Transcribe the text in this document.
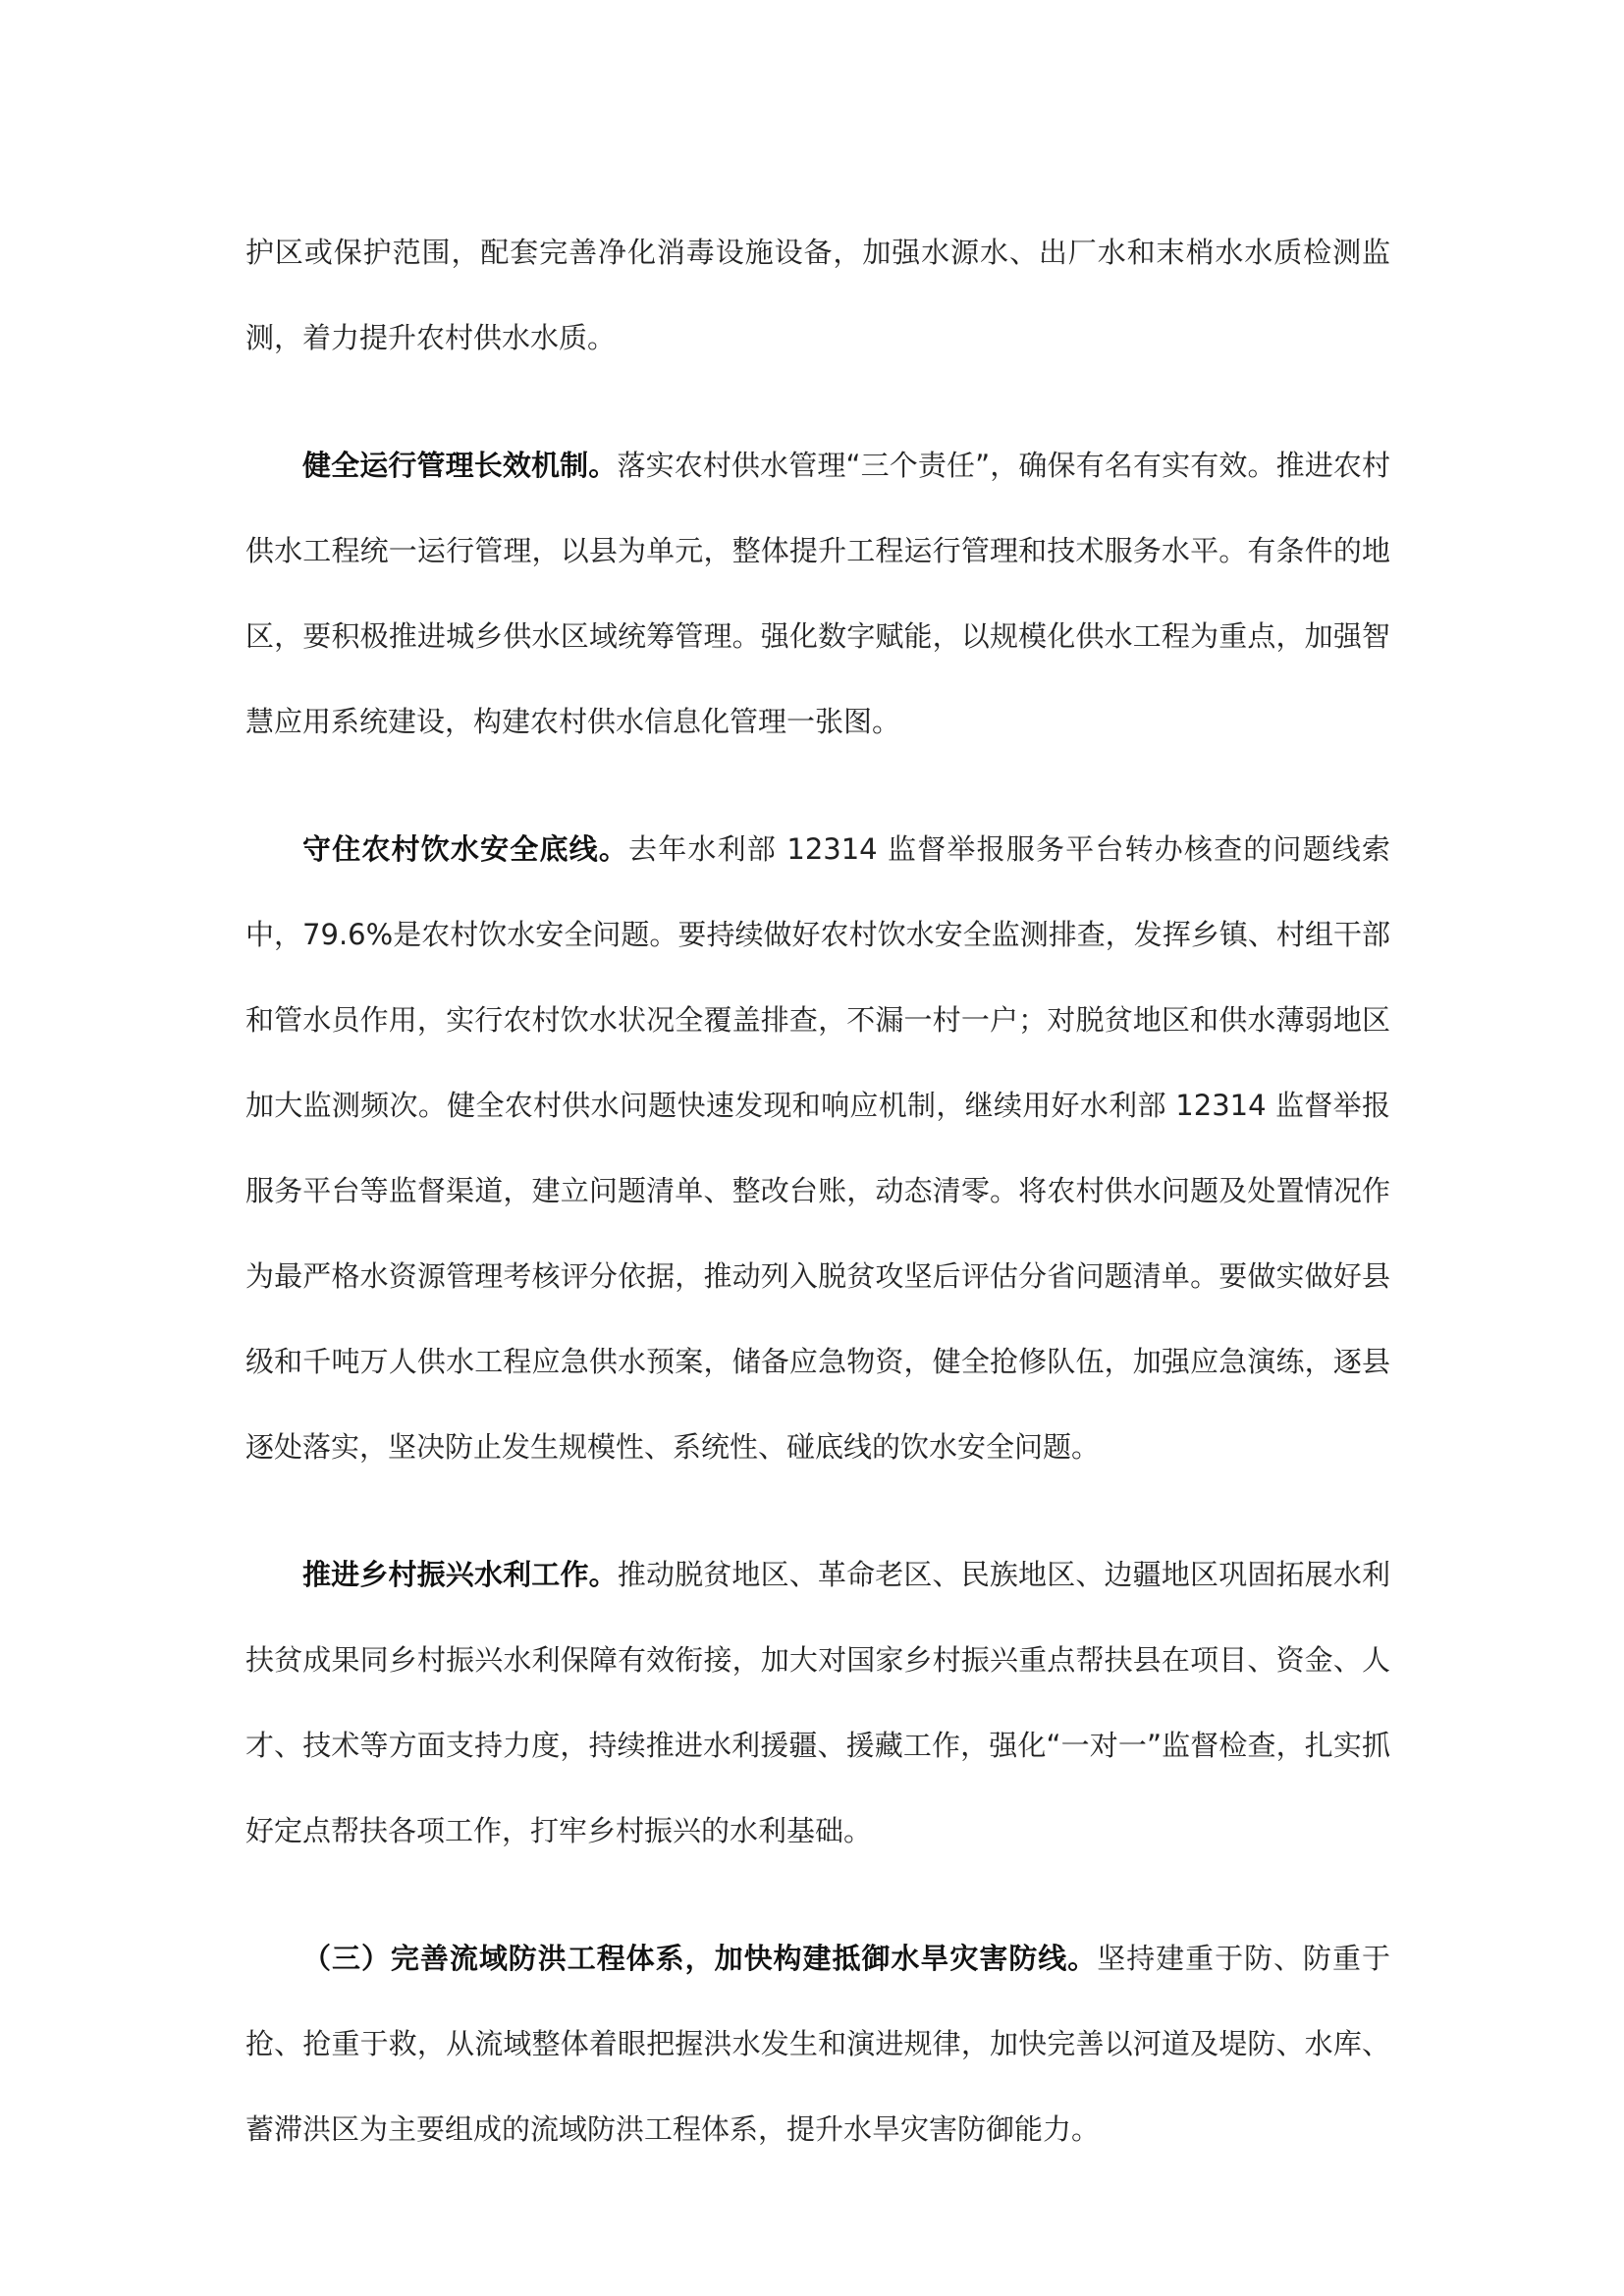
护区或保护范围，配套完善净化消毒设施设备，加强水源水、出厂水和末梢水水质检测监测，着力提升农村供水水质。

健全运行管理长效机制。落实农村供水管理“三个责任”，确保有名有实有效。推进农村供水工程统一运行管理，以县为单元，整体提升工程运行管理和技术服务水平。有条件的地区，要积极推进城乡供水区域统筹管理。强化数字赋能，以规模化供水工程为重点，加强智慧应用系统建设，构建农村供水信息化管理一张图。

守住农村饮水安全底线。去年水利部 12314 监督举报服务平台转办核查的问题线索中，79.6%是农村饮水安全问题。要持续做好农村饮水安全监测排查，发挥乡镇、村组干部和管水员作用，实行农村饮水状况全覆盖排查，不漏一村一户；对脱贫地区和供水薄弱地区加大监测频次。健全农村供水问题快速发现和响应机制，继续用好水利部 12314 监督举报服务平台等监督渠道，建立问题清单、整改台账，动态清零。将农村供水问题及处置情况作为最严格水资源管理考核评分依据，推动列入脱贫攻坚后评估分省问题清单。要做实做好县级和千吨万人供水工程应急供水预案，储备应急物资，健全抢修队伍，加强应急演练，逐县逐处落实，坚决防止发生规模性、系统性、碰底线的饮水安全问题。

推进乡村振兴水利工作。推动脱贫地区、革命老区、民族地区、边疆地区巩固拓展水利扶贫成果同乡村振兴水利保障有效衔接，加大对国家乡村振兴重点帮扶县在项目、资金、人才、技术等方面支持力度，持续推进水利援疆、援藏工作，强化“一对一”监督检查，扎实抓好定点帮扶各项工作，打牢乡村振兴的水利基础。

（三）完善流域防洪工程体系，加快构建抵御水旱灾害防线。坚持建重于防、防重于抢、抢重于救，从流域整体着眼把握洪水发生和演进规律，加快完善以河道及堤防、水库、蓄滞洪区为主要组成的流域防洪工程体系，提升水旱灾害防御能力。
